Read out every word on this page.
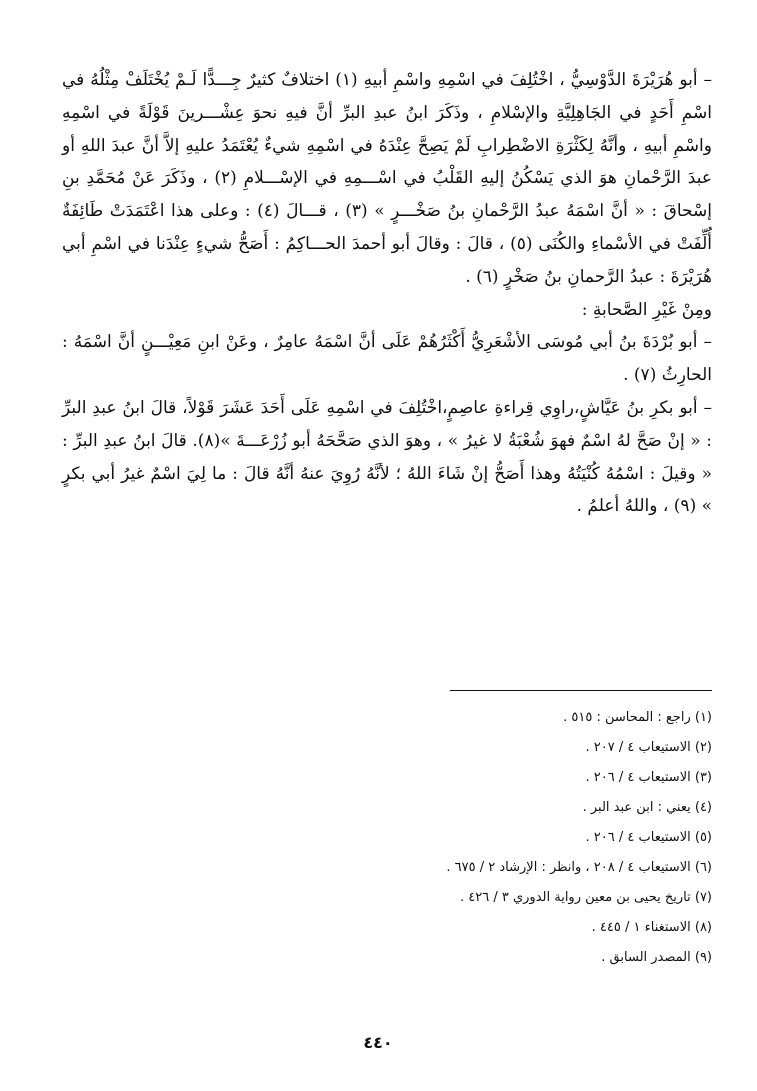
– أبو هُرَيْرَةَ الدَّوْسِيُّ ، اخْتُلِفَ في اسْمِهِ واسْمِ أبيهِ (١) اختلافٌ كثيرٌ جِـــدًّا لَـمْ يُخْتَلَفْ مِثْلُهُ في اسْمِ أَحَدٍ في الجَاهِلِيَّةِ والإسْلامِ ، وذَكَرَ ابنُ عبدِ البرِّ أنَّ فيهِ نحوَ عِشْـــرينَ قَوْلَةً في اسْمِهِ واسْمِ أبيهِ ، وأنَّهُ لِكَثْرَةِ الاضْطِرابِ لَمْ يَصِحَّ عِنْدَهُ في اسْمِهِ شيءٌ يُعْتَمَدُ عليهِ إلاَّ أنَّ عبدَ اللهِ أو عبدَ الرَّحْمانِ هوَ الذي يَسْكُنُ إليهِ القَلْبُ في اسْـــمِهِ في الإسْـــلامِ (٢) ، وذَكَرَ عَنْ مُحَمَّدِ بنِ إسْحاقَ : « أنَّ اسْمَهُ عبدُ الرَّحْمانِ بنُ صَخْـــرٍ » (٣) ، قـــالَ (٤) : وعلى هذا اعْتَمَدَتْ طَائِفَةٌ أُلِّفَتْ في الأسْماءِ والكُنَى (٥) ، قالَ : وقالَ أبو أحمدَ الحـــاكِمُ : أَصَحُّ شيءٍ عِنْدَنا في اسْمِ أبي هُرَيْرَةَ : عبدُ الرَّحمانِ بنُ صَخْرٍ (٦) .

ومِنْ غَيْرِ الصَّحابةِ :

– أبو بُرْدَةَ بنُ أبي مُوسَى الأشْعَرِيُّ أَكْثَرُهُمْ عَلَى أنَّ اسْمَهُ عامِرٌ ، وعَنْ ابنِ مَعِيْـــنٍ أنَّ اسْمَهُ : الحارِثُ (٧) .

– أبو بكرِ بنُ عَيَّاشٍ،راوِي قِراءةِ عاصِمٍ،اخْتُلِفَ في اسْمِهِ عَلَى أَحَدَ عَشَرَ قَوْلاً، قالَ ابنُ عبدِ البرِّ : « إنْ صَحَّ لهُ اسْمٌ فهوَ شُعْبَةُ لا غيرُ » ، وهوَ الذي صَحَّحَهُ أبو زُرْعَـــةَ »(٨). قالَ ابنُ عبدِ البرِّ : « وقيلَ : اسْمُهُ كُنْيَتُهُ وهذا أَصَحُّ إنْ شَاءَ اللهُ ؛ لأنَّهُ رُوِيَ عنهُ أنَّهُ قالَ : ما لِيَ اسْمٌ غيرُ أبي بكرٍ » (٩) ، واللهُ أعلمُ .

(١) راجع : المحاسن : ٥١٥ .

(٢) الاستيعاب ٤ / ٢٠٧ .

(٣) الاستيعاب ٤ / ٢٠٦ .

(٤) يعني : ابن عبد البر .

(٥) الاستيعاب ٤ / ٢٠٦ .

(٦) الاستيعاب ٤ / ٢٠٨ ، وانظر : الإرشاد ٢ / ٦٧٥ .

(٧) تاريخ يحيى بن معين رواية الدوري ٣ / ٤٢٦ .

(٨) الاستغناء ١ / ٤٤٥ .

(٩) المصدر السابق .

٤٤٠
